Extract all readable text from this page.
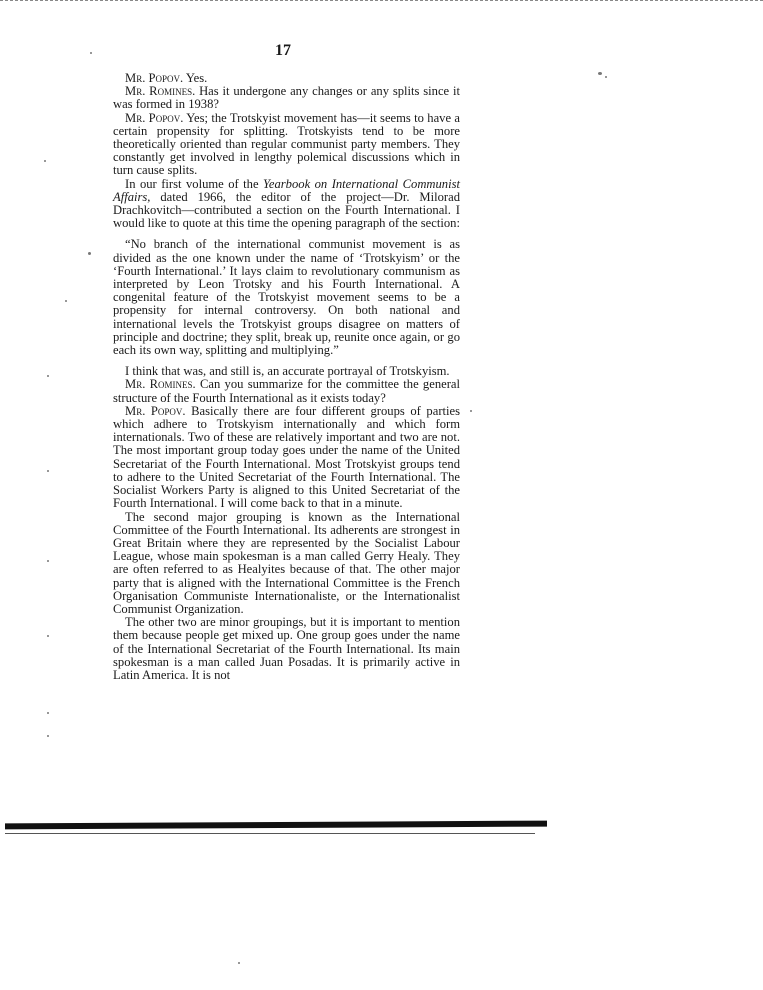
17

Mr. Popov. Yes.

Mr. Romines. Has it undergone any changes or any splits since it was formed in 1938?

Mr. Popov. Yes; the Trotskyist movement has—it seems to have a certain propensity for splitting. Trotskyists tend to be more theoretically oriented than regular communist party members. They constantly get involved in lengthy polemical discussions which in turn cause splits.

In our first volume of the Yearbook on International Communist Affairs, dated 1966, the editor of the project—Dr. Milorad Drachkovitch—contributed a section on the Fourth International. I would like to quote at this time the opening paragraph of the section:

“No branch of the international communist movement is as divided as the one known under the name of ‘Trotskyism’ or the ‘Fourth International.’ It lays claim to revolutionary communism as interpreted by Leon Trotsky and his Fourth International. A congenital feature of the Trotskyist movement seems to be a propensity for internal controversy. On both national and international levels the Trotskyist groups disagree on matters of principle and doctrine; they split, break up, reunite once again, or go each its own way, splitting and multiplying.”

I think that was, and still is, an accurate portrayal of Trotskyism.

Mr. Romines. Can you summarize for the committee the general structure of the Fourth International as it exists today?

Mr. Popov. Basically there are four different groups of parties which adhere to Trotskyism internationally and which form internationals. Two of these are relatively important and two are not. The most important group today goes under the name of the United Secretariat of the Fourth International. Most Trotskyist groups tend to adhere to the United Secretariat of the Fourth International. The Socialist Workers Party is aligned to this United Secretariat of the Fourth International. I will come back to that in a minute.

The second major grouping is known as the International Committee of the Fourth International. Its adherents are strongest in Great Britain where they are represented by the Socialist Labour League, whose main spokesman is a man called Gerry Healy. They are often referred to as Healyites because of that. The other major party that is aligned with the International Committee is the French Organisation Communiste Internationaliste, or the Internationalist Communist Organization.

The other two are minor groupings, but it is important to mention them because people get mixed up. One group goes under the name of the International Secretariat of the Fourth International. Its main spokesman is a man called Juan Posadas. It is primarily active in Latin America. It is not
